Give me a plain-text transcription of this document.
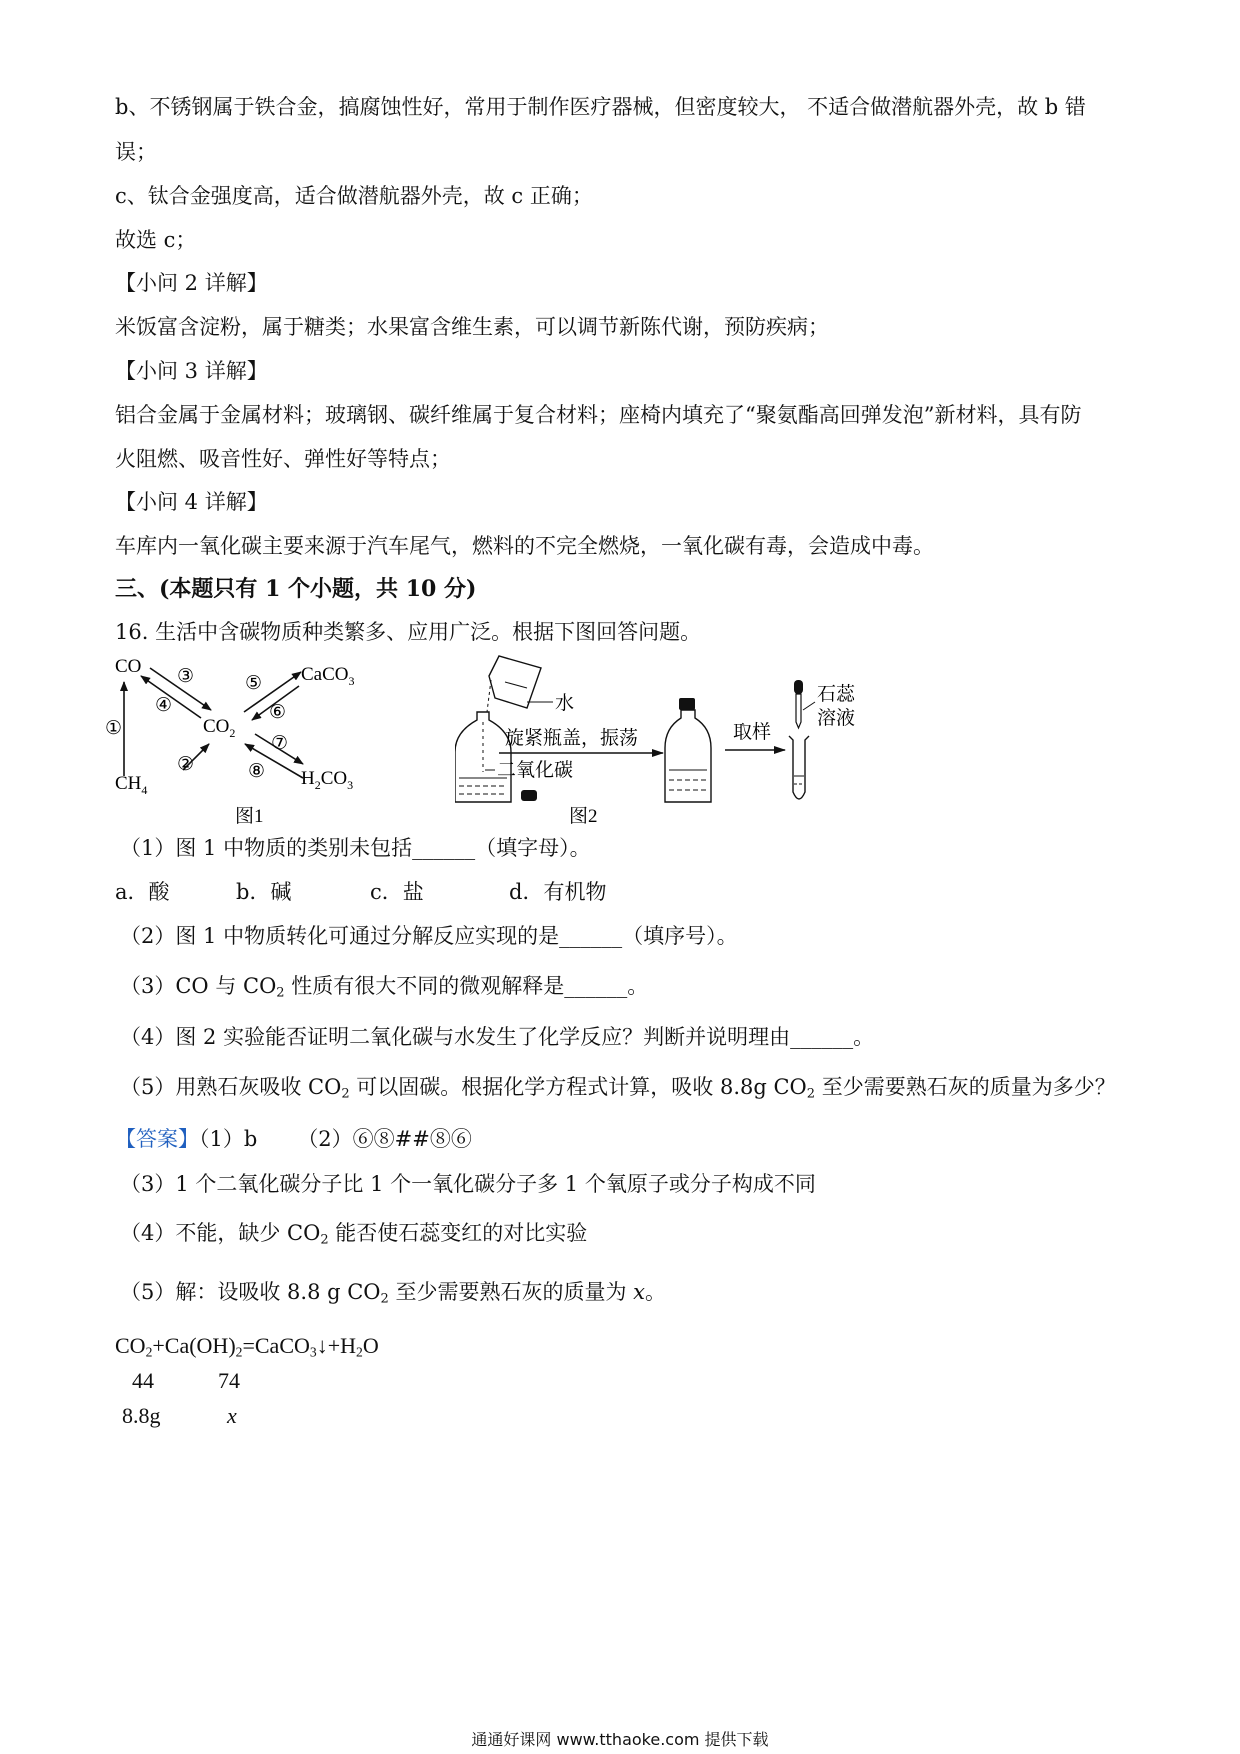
b、不锈钢属于铁合金，搞腐蚀性好，常用于制作医疗器械，但密度较大， 不适合做潜航器外壳，故 b 错
误；
c、钛合金强度高，适合做潜航器外壳，故 c 正确；
故选 c；
【小问 2 详解】
米饭富含淀粉，属于糖类；水果富含维生素，可以调节新陈代谢，预防疾病；
【小问 3 详解】
铝合金属于金属材料；玻璃钢、碳纤维属于复合材料；座椅内填充了“聚氨酯高回弹发泡”新材料，具有防
火阻燃、吸音性好、弹性好等特点；
【小问 4 详解】
车库内一氧化碳主要来源于汽车尾气，燃料的不完全燃烧，一氧化碳有毒，会造成中毒。
三、(本题只有 1 个小题，共 10 分)
16. 生活中含碳物质种类繁多、应用广泛。根据下图回答问题。
CO
$CO_2$
$CH_4$
CaCO$_3$
$H_2CO_3$
①
②
③
④
⑤
⑥
⑦
⑧
图1
水
二氧化碳
旋紧瓶盖，振荡	取样
石蕊
溶液
图2
（1）图 1 中物质的类别未包括______（填字母）。
a．酸	b．碱	c．盐	d．有机物
（2）图 1 中物质转化可通过分解反应实现的是______（填序号）。
（3）CO 与 $CO_2$ 性质有很大不同的微观解释是______。
（4）图 2 实验能否证明二氧化碳与水发生了化学反应？判断并说明理由______。
（5）用熟石灰吸收 $CO_2$ 可以固碳。根据化学方程式计算，吸收 8.8g $CO_2$ 至少需要熟石灰的质量为多少？
【答案】（1）b （2）⑥⑧##⑧⑥
（3）1 个二氧化碳分子比 1 个一氧化碳分子多 1 个氧原子或分子构成不同
（4）不能，缺少 $CO_2$ 能否使石蕊变红的对比实验
（5）解：设吸收 8.8 g $CO_2$ 至少需要熟石灰的质量为 x。
$CO_2+Ca(OH)_2=CaCO_3↓+H_2O$
44	74
8.8g	x
通通好课网 www.tthaoke.com 提供下载
